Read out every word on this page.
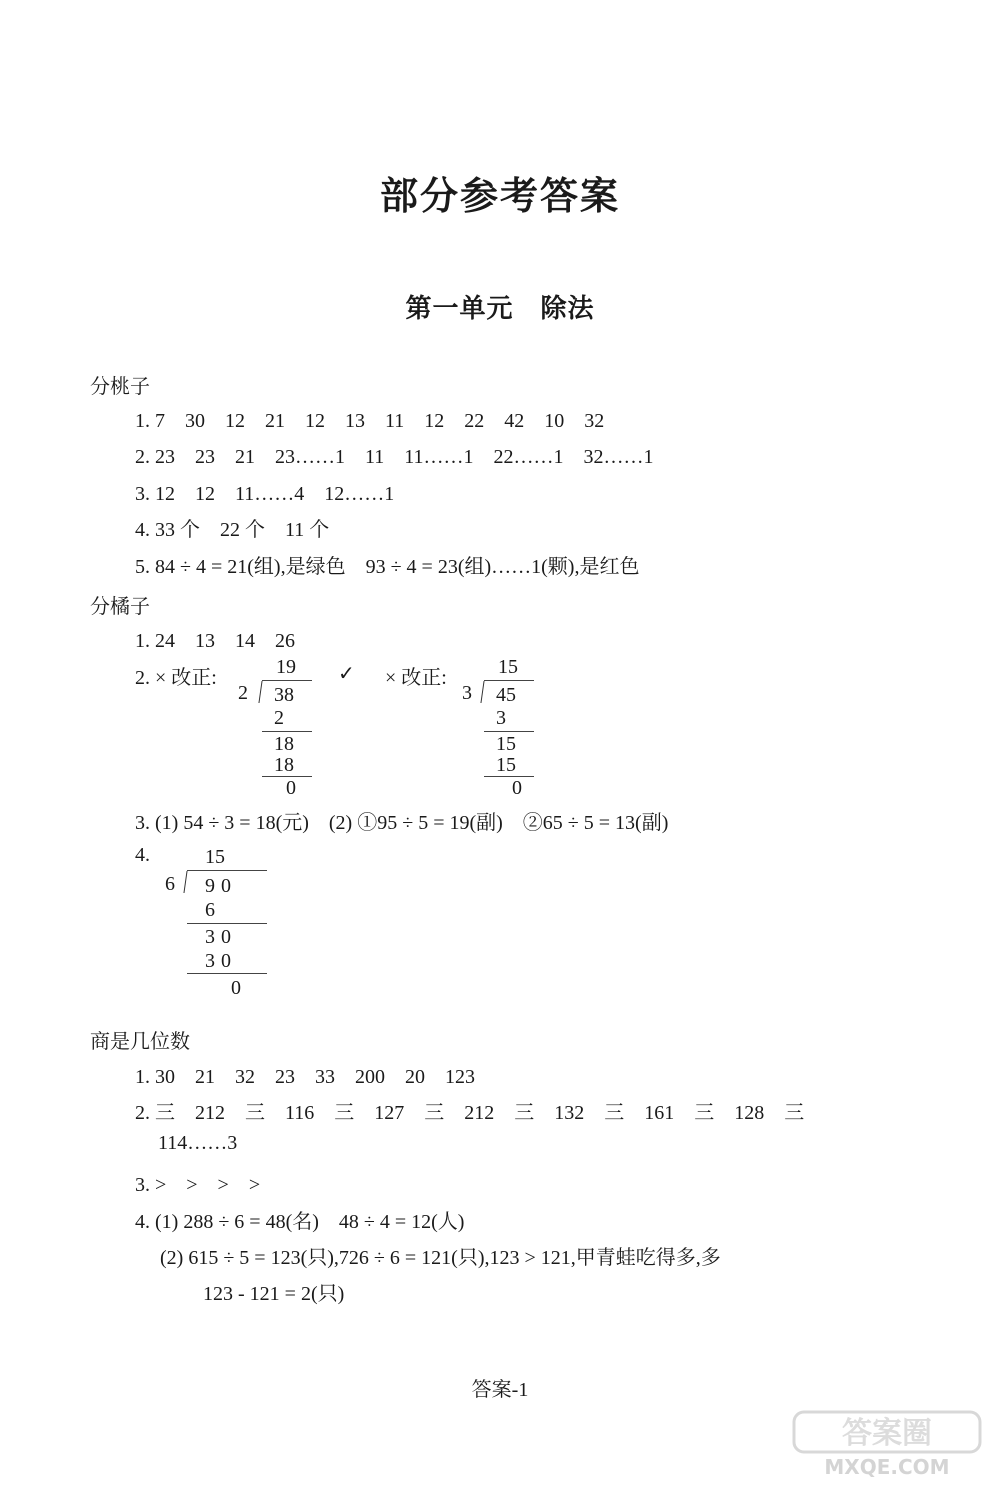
部分参考答案
第一单元　除法
分桃子
1. 7　30　12　21　12　13　11　12　22　42　10　32
2. 23　23　21　23……1　11　11……1　22……1　32……1
3. 12　12　11……4　12……1
4. 33 个　22 个　11 个
5. 84 ÷ 4 = 21(组),是绿色　93 ÷ 4 = 23(组)……1(颗),是红色
分橘子
1. 24　13　14　26
2. × 改正:	✓ × 改正:
19
2 38
2
18
18
0
15
3 45
3
15
15
0
3. (1) 54 ÷ 3 = 18(元)　(2) ①95 ÷ 5 = 19(副)　②65 ÷ 5 = 13(副)
4.	15
6 90
6
30
30
0
商是几位数
1. 30　21　32　23　33　200　20　123
2. 三　212　三　116　三　127　三　212　三　132　三　161　三　128　三
114……3
3. >　>　>　>
4. (1) 288 ÷ 6 = 48(名)　48 ÷ 4 = 12(人)
(2) 615 ÷ 5 = 123(只),726 ÷ 6 = 121(只),123 > 121,甲青蛙吃得多,多
123 - 121 = 2(只)
答案-1
答案圈
MXQE.COM
